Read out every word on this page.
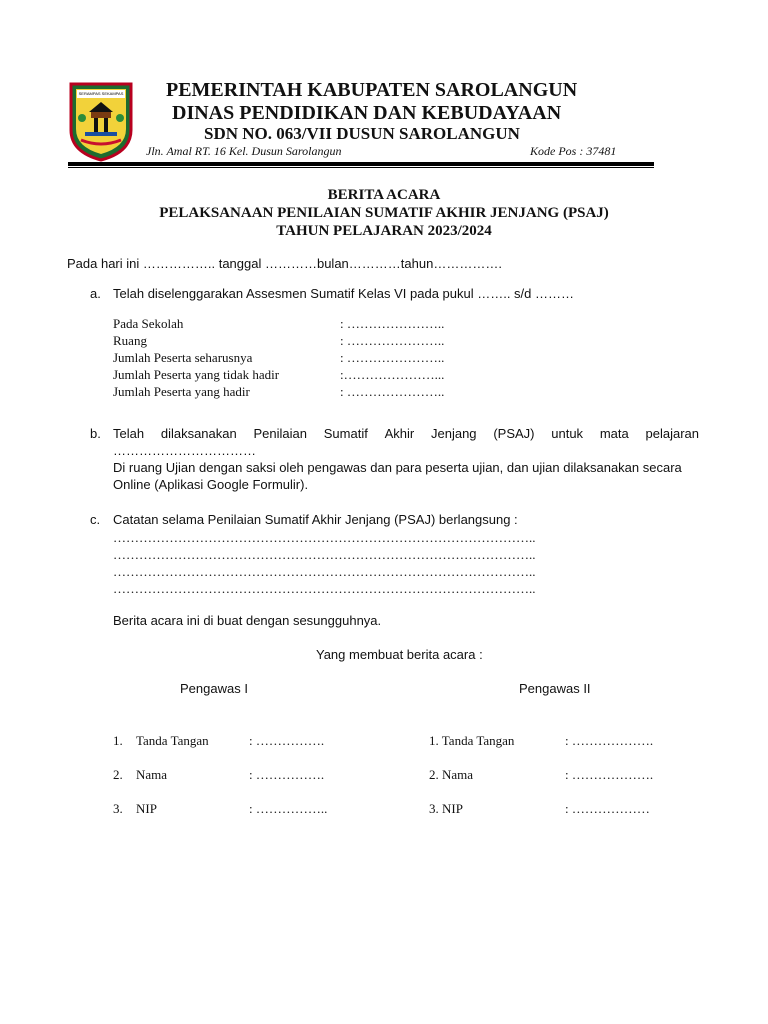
SERAMPAS SEKAMPAS PEMERINTAH KABUPATEN SAROLANGUN
DINAS PENDIDIKAN DAN KEBUDAYAAN
SDN NO. 063/VII DUSUN SAROLANGUN
Jln. Amal RT. 16 Kel. Dusun Sarolangun	Kode Pos : 37481
BERITA ACARA
PELAKSANAAN PENILAIAN SUMATIF AKHIR JENJANG (PSAJ)
TAHUN PELAJARAN 2023/2024
Pada hari ini …………….. tanggal …………bulan…………tahun…………….
a. Telah diselenggarakan Assesmen Sumatif Kelas VI pada pukul …….. s/d ………
Pada Sekolah	: …………………..
Ruang	: …………………..
Jumlah Peserta seharusnya	: …………………..
Jumlah Peserta yang tidak hadir	:…………………...
Jumlah Peserta yang hadir	: …………………..
b. Telah dilaksanakan Penilaian Sumatif Akhir Jenjang (PSAJ) untuk mata pelajaran
……………………………
Di ruang Ujian dengan saksi oleh pengawas dan para peserta ujian, dan ujian dilaksanakan secara
Online (Aplikasi Google Formulir).
c. Catatan selama Penilaian Sumatif Akhir Jenjang (PSAJ) berlangsung :
……………………………………………………………………………………..
……………………………………………………………………………………..
……………………………………………………………………………………..
……………………………………………………………………………………..
Berita acara ini di buat dengan sesungguhnya.
Yang membuat berita acara :
Pengawas I	Pengawas II
1. Tanda Tangan	: …………….
2. Nama	: …………….
3. NIP	: ……………..
1. Tanda Tangan	: ……………….
2. Nama	: ……………….
3. NIP	: ………………
